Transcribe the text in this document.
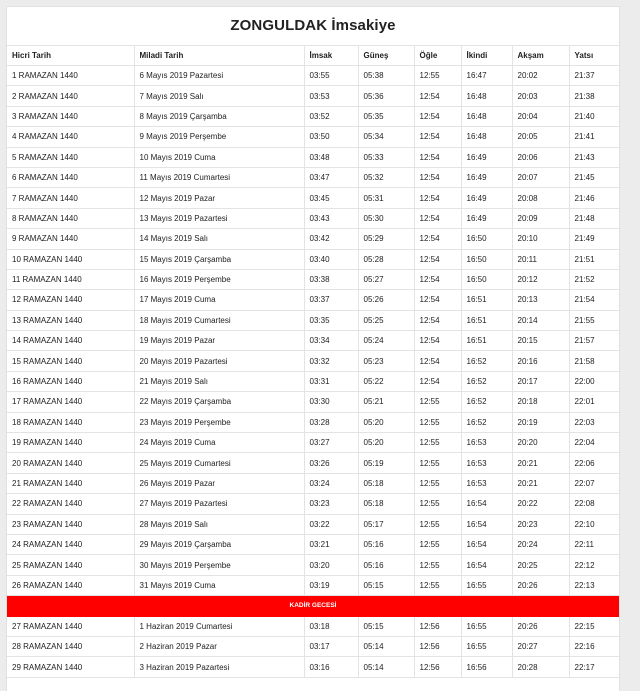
ZONGULDAK İmsakiye
Hicri Tarih	Miladi Tarih	İmsak	Güneş	Öğle	İkindi	Akşam	Yatsı
1 RAMAZAN 1440	6 Mayıs 2019 Pazartesi	03:55	05:38	12:55	16:47	20:02	21:37
2 RAMAZAN 1440	7 Mayıs 2019 Salı	03:53	05:36	12:54	16:48	20:03	21:38
3 RAMAZAN 1440	8 Mayıs 2019 Çarşamba	03:52	05:35	12:54	16:48	20:04	21:40
4 RAMAZAN 1440	9 Mayıs 2019 Perşembe	03:50	05:34	12:54	16:48	20:05	21:41
5 RAMAZAN 1440	10 Mayıs 2019 Cuma	03:48	05:33	12:54	16:49	20:06	21:43
6 RAMAZAN 1440	11 Mayıs 2019 Cumartesi	03:47	05:32	12:54	16:49	20:07	21:45
7 RAMAZAN 1440	12 Mayıs 2019 Pazar	03:45	05:31	12:54	16:49	20:08	21:46
8 RAMAZAN 1440	13 Mayıs 2019 Pazartesi	03:43	05:30	12:54	16:49	20:09	21:48
9 RAMAZAN 1440	14 Mayıs 2019 Salı	03:42	05:29	12:54	16:50	20:10	21:49
10 RAMAZAN 1440	15 Mayıs 2019 Çarşamba	03:40	05:28	12:54	16:50	20:11	21:51
11 RAMAZAN 1440	16 Mayıs 2019 Perşembe	03:38	05:27	12:54	16:50	20:12	21:52
12 RAMAZAN 1440	17 Mayıs 2019 Cuma	03:37	05:26	12:54	16:51	20:13	21:54
13 RAMAZAN 1440	18 Mayıs 2019 Cumartesi	03:35	05:25	12:54	16:51	20:14	21:55
14 RAMAZAN 1440	19 Mayıs 2019 Pazar	03:34	05:24	12:54	16:51	20:15	21:57
15 RAMAZAN 1440	20 Mayıs 2019 Pazartesi	03:32	05:23	12:54	16:52	20:16	21:58
16 RAMAZAN 1440	21 Mayıs 2019 Salı	03:31	05:22	12:54	16:52	20:17	22:00
17 RAMAZAN 1440	22 Mayıs 2019 Çarşamba	03:30	05:21	12:55	16:52	20:18	22:01
18 RAMAZAN 1440	23 Mayıs 2019 Perşembe	03:28	05:20	12:55	16:52	20:19	22:03
19 RAMAZAN 1440	24 Mayıs 2019 Cuma	03:27	05:20	12:55	16:53	20:20	22:04
20 RAMAZAN 1440	25 Mayıs 2019 Cumartesi	03:26	05:19	12:55	16:53	20:21	22:06
21 RAMAZAN 1440	26 Mayıs 2019 Pazar	03:24	05:18	12:55	16:53	20:21	22:07
22 RAMAZAN 1440	27 Mayıs 2019 Pazartesi	03:23	05:18	12:55	16:54	20:22	22:08
23 RAMAZAN 1440	28 Mayıs 2019 Salı	03:22	05:17	12:55	16:54	20:23	22:10
24 RAMAZAN 1440	29 Mayıs 2019 Çarşamba	03:21	05:16	12:55	16:54	20:24	22:11
25 RAMAZAN 1440	30 Mayıs 2019 Perşembe	03:20	05:16	12:55	16:54	20:25	22:12
26 RAMAZAN 1440	31 Mayıs 2019 Cuma	03:19	05:15	12:55	16:55	20:26	22:13
KADİR GECESİ							
27 RAMAZAN 1440	1 Haziran 2019 Cumartesi	03:18	05:15	12:56	16:55	20:26	22:15
28 RAMAZAN 1440	2 Haziran 2019 Pazar	03:17	05:14	12:56	16:55	20:27	22:16
29 RAMAZAN 1440	3 Haziran 2019 Pazartesi	03:16	05:14	12:56	16:56	20:28	22:17
